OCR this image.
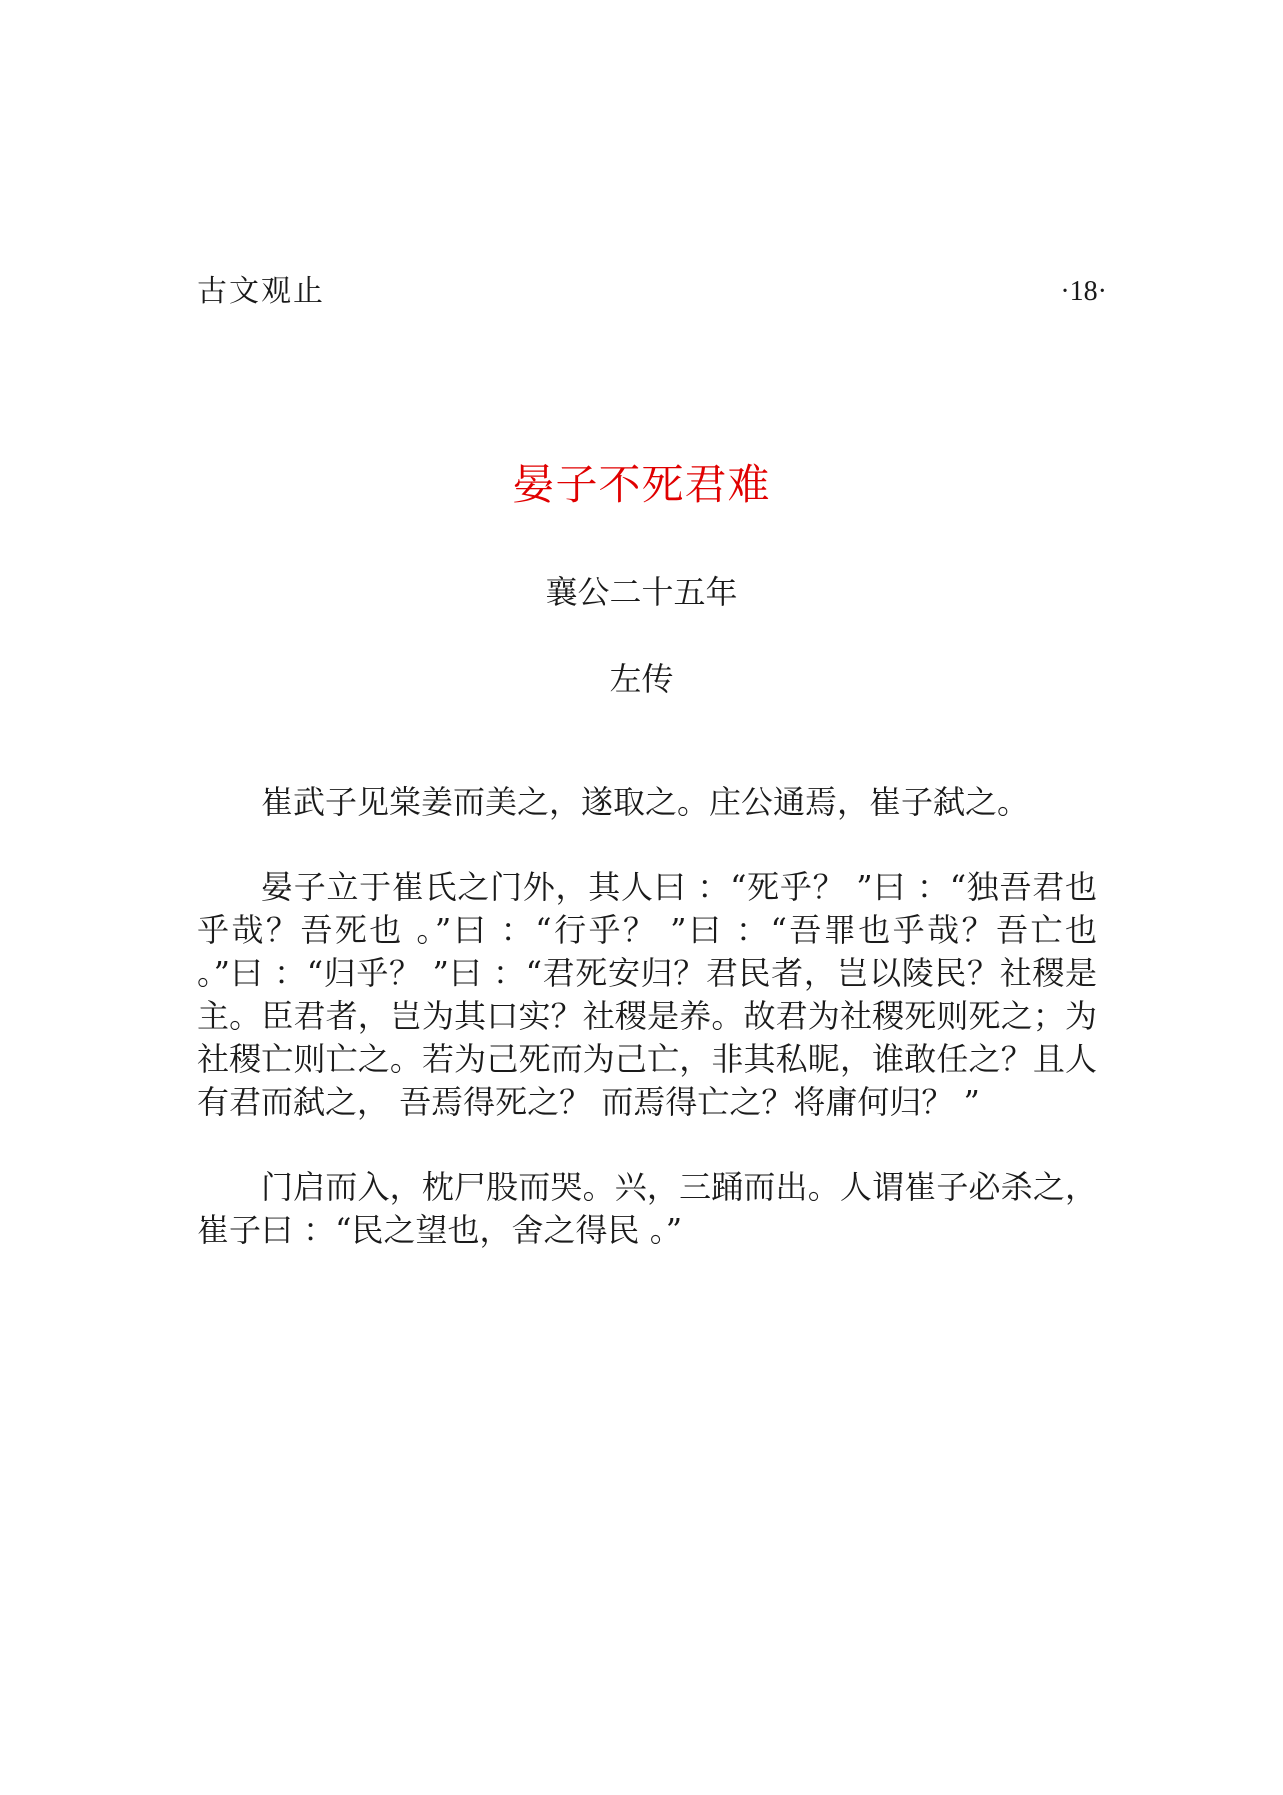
古文观止	·18·
晏子不死君难
襄公二十五年
左传

崔武子见棠姜而美之，遂取之。庄公通焉，崔子弑之。

晏子立于崔氏之门外，其人曰 ：“死乎？ ”曰 ：“独吾君也乎哉？吾死也 。”曰 ：“行乎？ ”曰 ：“吾罪也乎哉？吾亡也 。”曰 ：“归乎？ ”曰 ：“君死安归？君民者，岂以陵民？社稷是主。臣君者，岂为其口实？社稷是养。故君为社稷死则死之；为社稷亡则亡之。若为己死而为己亡，非其私昵，谁敢任之？且人有君而弑之， 吾焉得死之？ 而焉得亡之？将庸何归？ ”

门启而入，枕尸股而哭。兴，三踊而出。人谓崔子必杀之，崔子曰 ：“民之望也，舍之得民 。”
